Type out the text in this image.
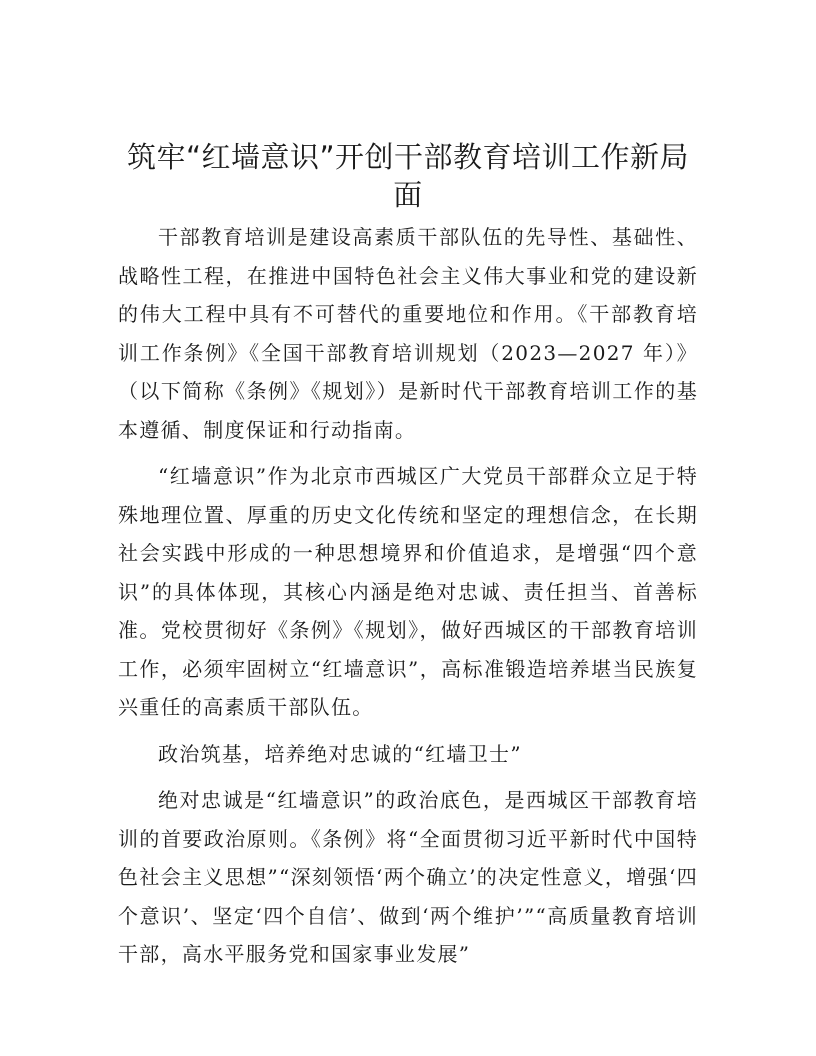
筑牢“红墙意识”开创干部教育培训工作新局面

干部教育培训是建设高素质干部队伍的先导性、基础性、战略性工程，在推进中国特色社会主义伟大事业和党的建设新的伟大工程中具有不可替代的重要地位和作用。《干部教育培训工作条例》《全国干部教育培训规划（2023—2027 年）》（以下简称《条例》《规划》）是新时代干部教育培训工作的基本遵循、制度保证和行动指南。

“红墙意识”作为北京市西城区广大党员干部群众立足于特殊地理位置、厚重的历史文化传统和坚定的理想信念，在长期社会实践中形成的一种思想境界和价值追求，是增强“四个意识”的具体体现，其核心内涵是绝对忠诚、责任担当、首善标准。党校贯彻好《条例》《规划》，做好西城区的干部教育培训工作，必须牢固树立“红墙意识”，高标准锻造培养堪当民族复兴重任的高素质干部队伍。

政治筑基，培养绝对忠诚的“红墙卫士”

绝对忠诚是“红墙意识”的政治底色，是西城区干部教育培训的首要政治原则。《条例》将“全面贯彻习近平新时代中国特色社会主义思想”“深刻领悟‘两个确立’的决定性意义，增强‘四个意识’、坚定‘四个自信’、做到‘两个维护’”“高质量教育培训干部，高水平服务党和国家事业发展”
